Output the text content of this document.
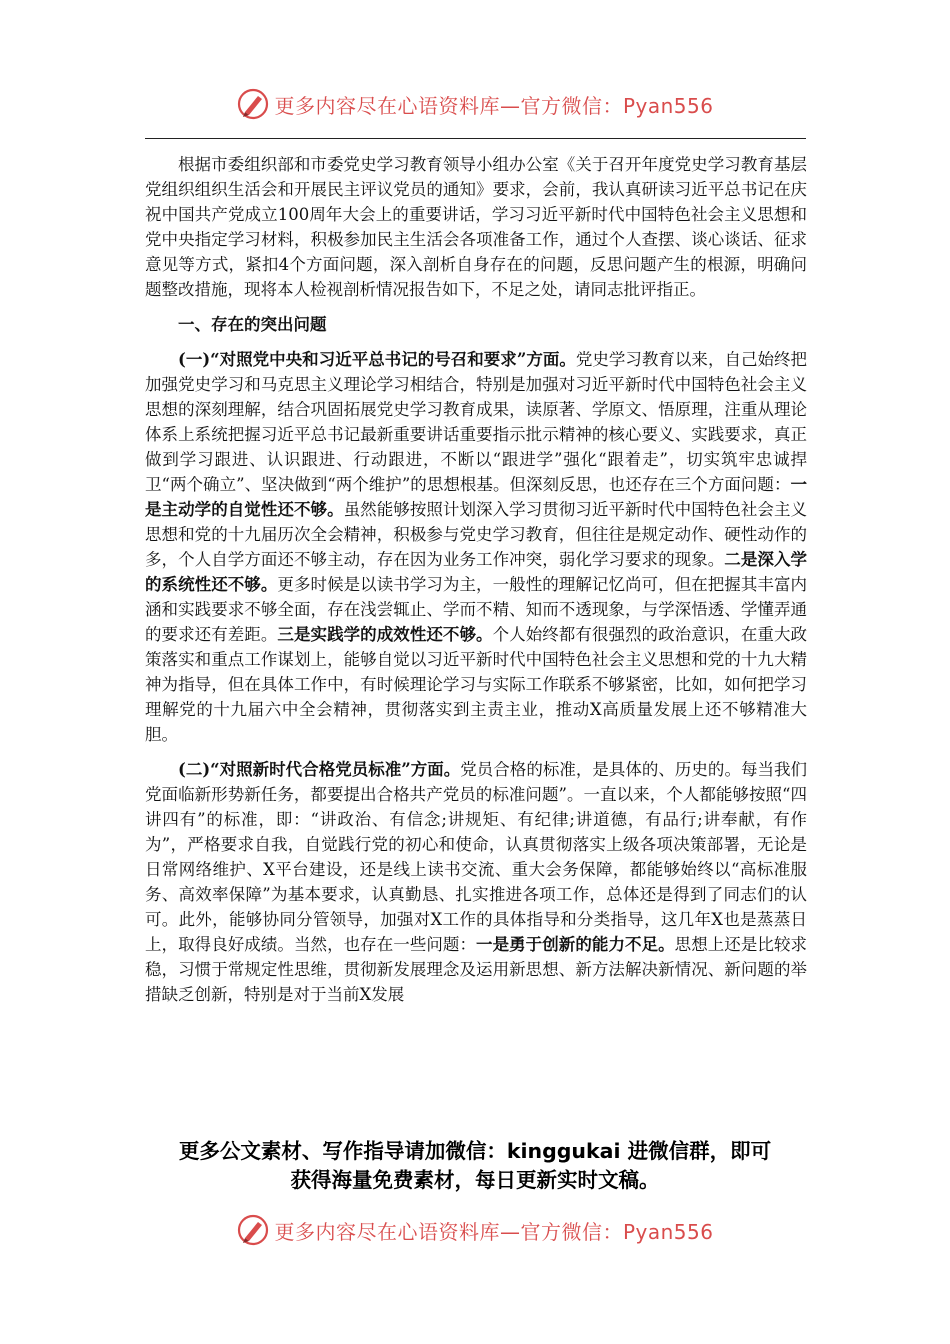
更多内容尽在心语资料库—官方微信：Pyan556

根据市委组织部和市委党史学习教育领导小组办公室《关于召开年度党史学习教育基层党组织组织生活会和开展民主评议党员的通知》要求，会前，我认真研读习近平总书记在庆祝中国共产党成立100周年大会上的重要讲话，学习习近平新时代中国特色社会主义思想和党中央指定学习材料，积极参加民主生活会各项准备工作，通过个人查摆、谈心谈话、征求意见等方式，紧扣4个方面问题，深入剖析自身存在的问题，反思问题产生的根源，明确问题整改措施，现将本人检视剖析情况报告如下，不足之处，请同志批评指正。

一、存在的突出问题

(一)“对照党中央和习近平总书记的号召和要求”方面。党史学习教育以来，自己始终把加强党史学习和马克思主义理论学习相结合，特别是加强对习近平新时代中国特色社会主义思想的深刻理解，结合巩固拓展党史学习教育成果，读原著、学原文、悟原理，注重从理论体系上系统把握习近平总书记最新重要讲话重要指示批示精神的核心要义、实践要求，真正做到学习跟进、认识跟进、行动跟进，不断以“跟进学”强化“跟着走”，切实筑牢忠诚捍卫“两个确立”、坚决做到“两个维护”的思想根基。但深刻反思，也还存在三个方面问题：一是主动学的自觉性还不够。虽然能够按照计划深入学习贯彻习近平新时代中国特色社会主义思想和党的十九届历次全会精神，积极参与党史学习教育，但往往是规定动作、硬性动作的多，个人自学方面还不够主动，存在因为业务工作冲突，弱化学习要求的现象。二是深入学的系统性还不够。更多时候是以读书学习为主，一般性的理解记忆尚可，但在把握其丰富内涵和实践要求不够全面，存在浅尝辄止、学而不精、知而不透现象，与学深悟透、学懂弄通的要求还有差距。三是实践学的成效性还不够。个人始终都有很强烈的政治意识，在重大政策落实和重点工作谋划上，能够自觉以习近平新时代中国特色社会主义思想和党的十九大精神为指导，但在具体工作中，有时候理论学习与实际工作联系不够紧密，比如，如何把学习理解党的十九届六中全会精神，贯彻落实到主责主业，推动X高质量发展上还不够精准大胆。

(二)“对照新时代合格党员标准”方面。党员合格的标准，是具体的、历史的。每当我们党面临新形势新任务，都要提出合格共产党员的标准问题”。一直以来，个人都能够按照“四讲四有”的标准，即：“讲政治、有信念;讲规矩、有纪律;讲道德，有品行;讲奉献，有作为”，严格要求自我，自觉践行党的初心和使命，认真贯彻落实上级各项决策部署，无论是日常网络维护、X平台建设，还是线上读书交流、重大会务保障，都能够始终以“高标准服务、高效率保障”为基本要求，认真勤恳、扎实推进各项工作，总体还是得到了同志们的认可。此外，能够协同分管领导，加强对X工作的具体指导和分类指导，这几年X也是蒸蒸日上，取得良好成绩。当然，也存在一些问题：一是勇于创新的能力不足。思想上还是比较求稳，习惯于常规定性思维，贯彻新发展理念及运用新思想、新方法解决新情况、新问题的举措缺乏创新，特别是对于当前X发展

更多公文素材、写作指导请加微信：kinggukai 进微信群，即可
获得海量免费素材，每日更新实时文稿。
更多内容尽在心语资料库—官方微信：Pyan556
